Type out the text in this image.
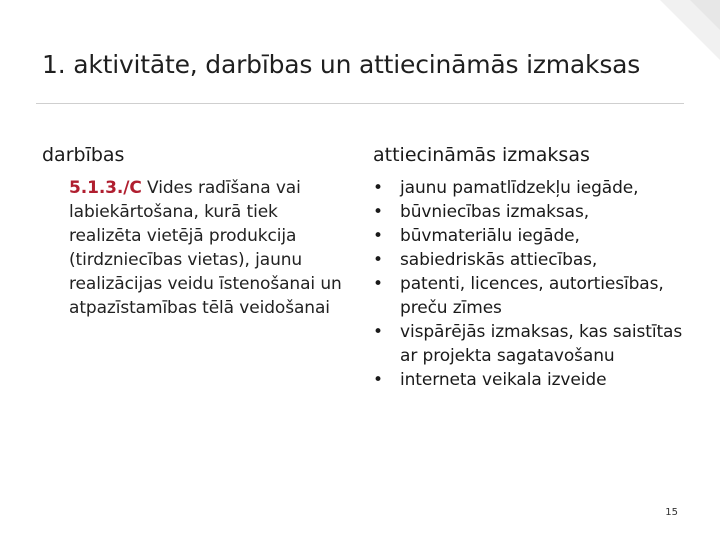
1. aktivitāte, darbības un attiecināmās izmaksas
darbības
5.1.3./C Vides radīšana vai labiekārtošana, kurā tiek realizēta vietējā produkcija (tirdzniecības vietas), jaunu realizācijas veidu īstenošanai un atpazīstamības tēlā veidošanai
attiecināmās izmaksas
•	jaunu pamatlīdzekļu iegāde,
•	būvniecības izmaksas,
•	būvmateriālu iegāde,
•	sabiedriskās attiecības,
•	patenti, licences, autortiesības, preču zīmes
•	vispārējās izmaksas, kas saistītas ar projekta sagatavošanu
•	interneta veikala izveide
15
